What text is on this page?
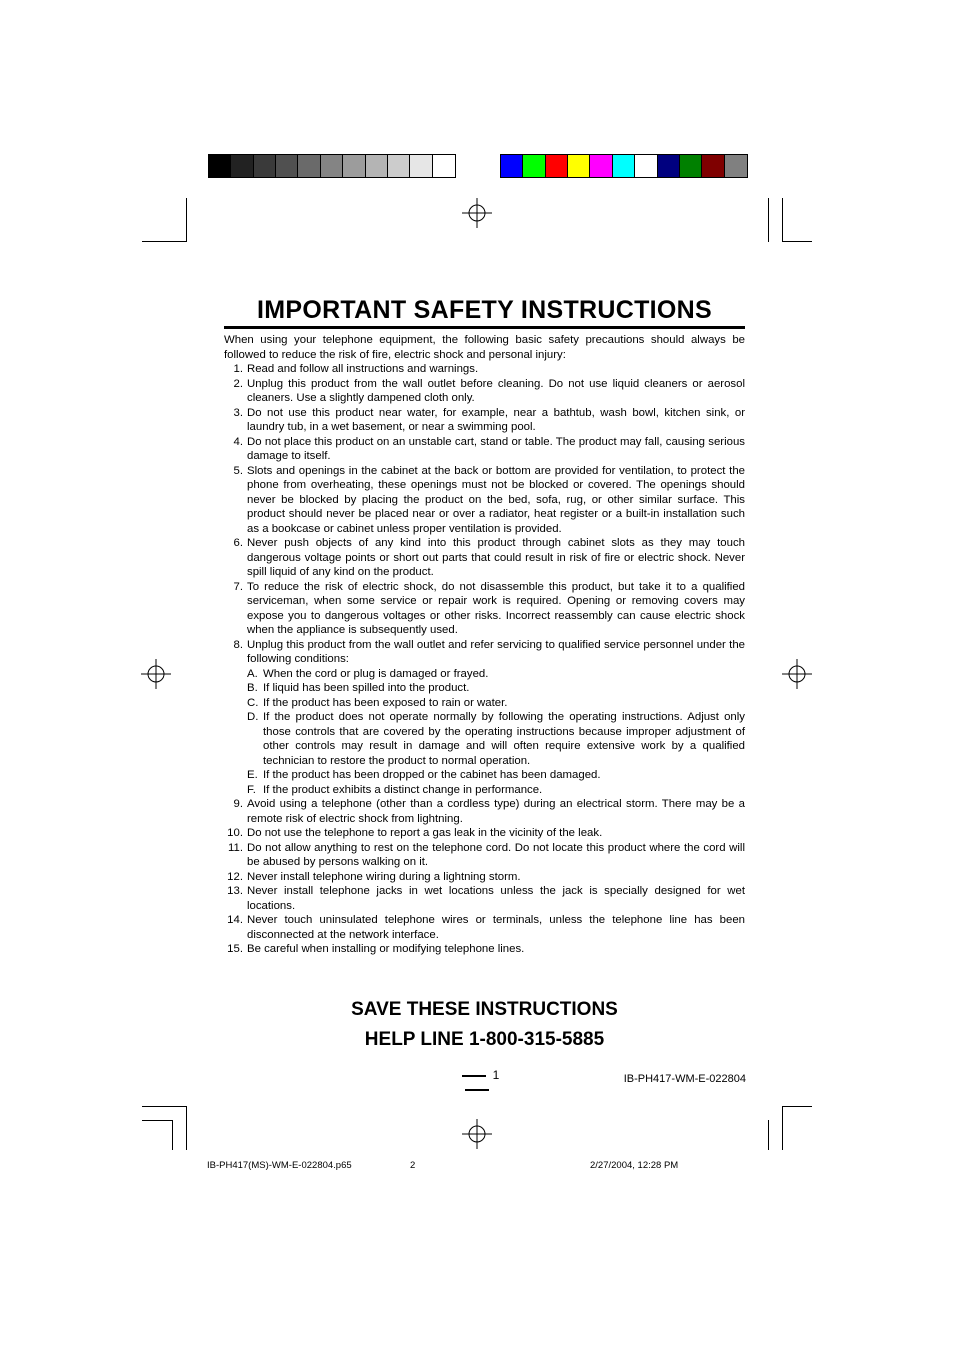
IMPORTANT SAFETY INSTRUCTIONS

When using your telephone equipment, the following basic safety precautions should always be followed to reduce the risk of fire, electric shock and personal injury:

1. Read and follow all instructions and warnings.
2. Unplug this product from the wall outlet before cleaning. Do not use liquid cleaners or aerosol cleaners. Use a slightly dampened cloth only.
3. Do not use this product near water, for example, near a bathtub, wash bowl, kitchen sink, or laundry tub, in a wet basement, or near a swimming pool.
4. Do not place this product on an unstable cart, stand or table. The product may fall, causing serious damage to itself.
5. Slots and openings in the cabinet at the back or bottom are provided for ventilation, to protect the phone from overheating, these openings must not be blocked or covered. The openings should never be blocked by placing the product on the bed, sofa, rug, or other similar surface. This product should never be placed near or over a radiator, heat register or a built-in installation such as a bookcase or cabinet unless proper ventilation is provided.
6. Never push objects of any kind into this product through cabinet slots as they may touch dangerous voltage points or short out parts that could result in risk of fire or electric shock. Never spill liquid of any kind on the product.
7. To reduce the risk of electric shock, do not disassemble this product, but take it to a qualified serviceman, when some service or repair work is required. Opening or removing covers may expose you to dangerous voltages or other risks. Incorrect reassembly can cause electric shock when the appliance is subsequently used.
8. Unplug this product from the wall outlet and refer servicing to qualified service personnel under the following conditions:
A. When the cord or plug is damaged or frayed.
B. If liquid has been spilled into the product.
C. If the product has been exposed to rain or water.
D. If the product does not operate normally by following the operating instructions. Adjust only those controls that are covered by the operating instructions because improper adjustment of other controls may result in damage and will often require extensive work by a qualified technician to restore the product to normal operation.
E. If the product has been dropped or the cabinet has been damaged.
F. If the product exhibits a distinct change in performance.
9. Avoid using a telephone (other than a cordless type) during an electrical storm. There may be a remote risk of electric shock from lightning.
10. Do not use the telephone to report a gas leak in the vicinity of the leak.
11. Do not allow anything to rest on the telephone cord. Do not locate this product where the cord will be abused by persons walking on it.
12. Never install telephone wiring during a lightning storm.
13. Never install telephone jacks in wet locations unless the jack is specially designed for wet locations.
14. Never touch uninsulated telephone wires or terminals, unless the telephone line has been disconnected at the network interface.
15. Be careful when installing or modifying telephone lines.
SAVE THESE INSTRUCTIONS
HELP LINE 1-800-315-5885
1	IB-PH417-WM-E-022804
IB-PH417(MS)-WM-E-022804.p65	2	2/27/2004, 12:28 PM
